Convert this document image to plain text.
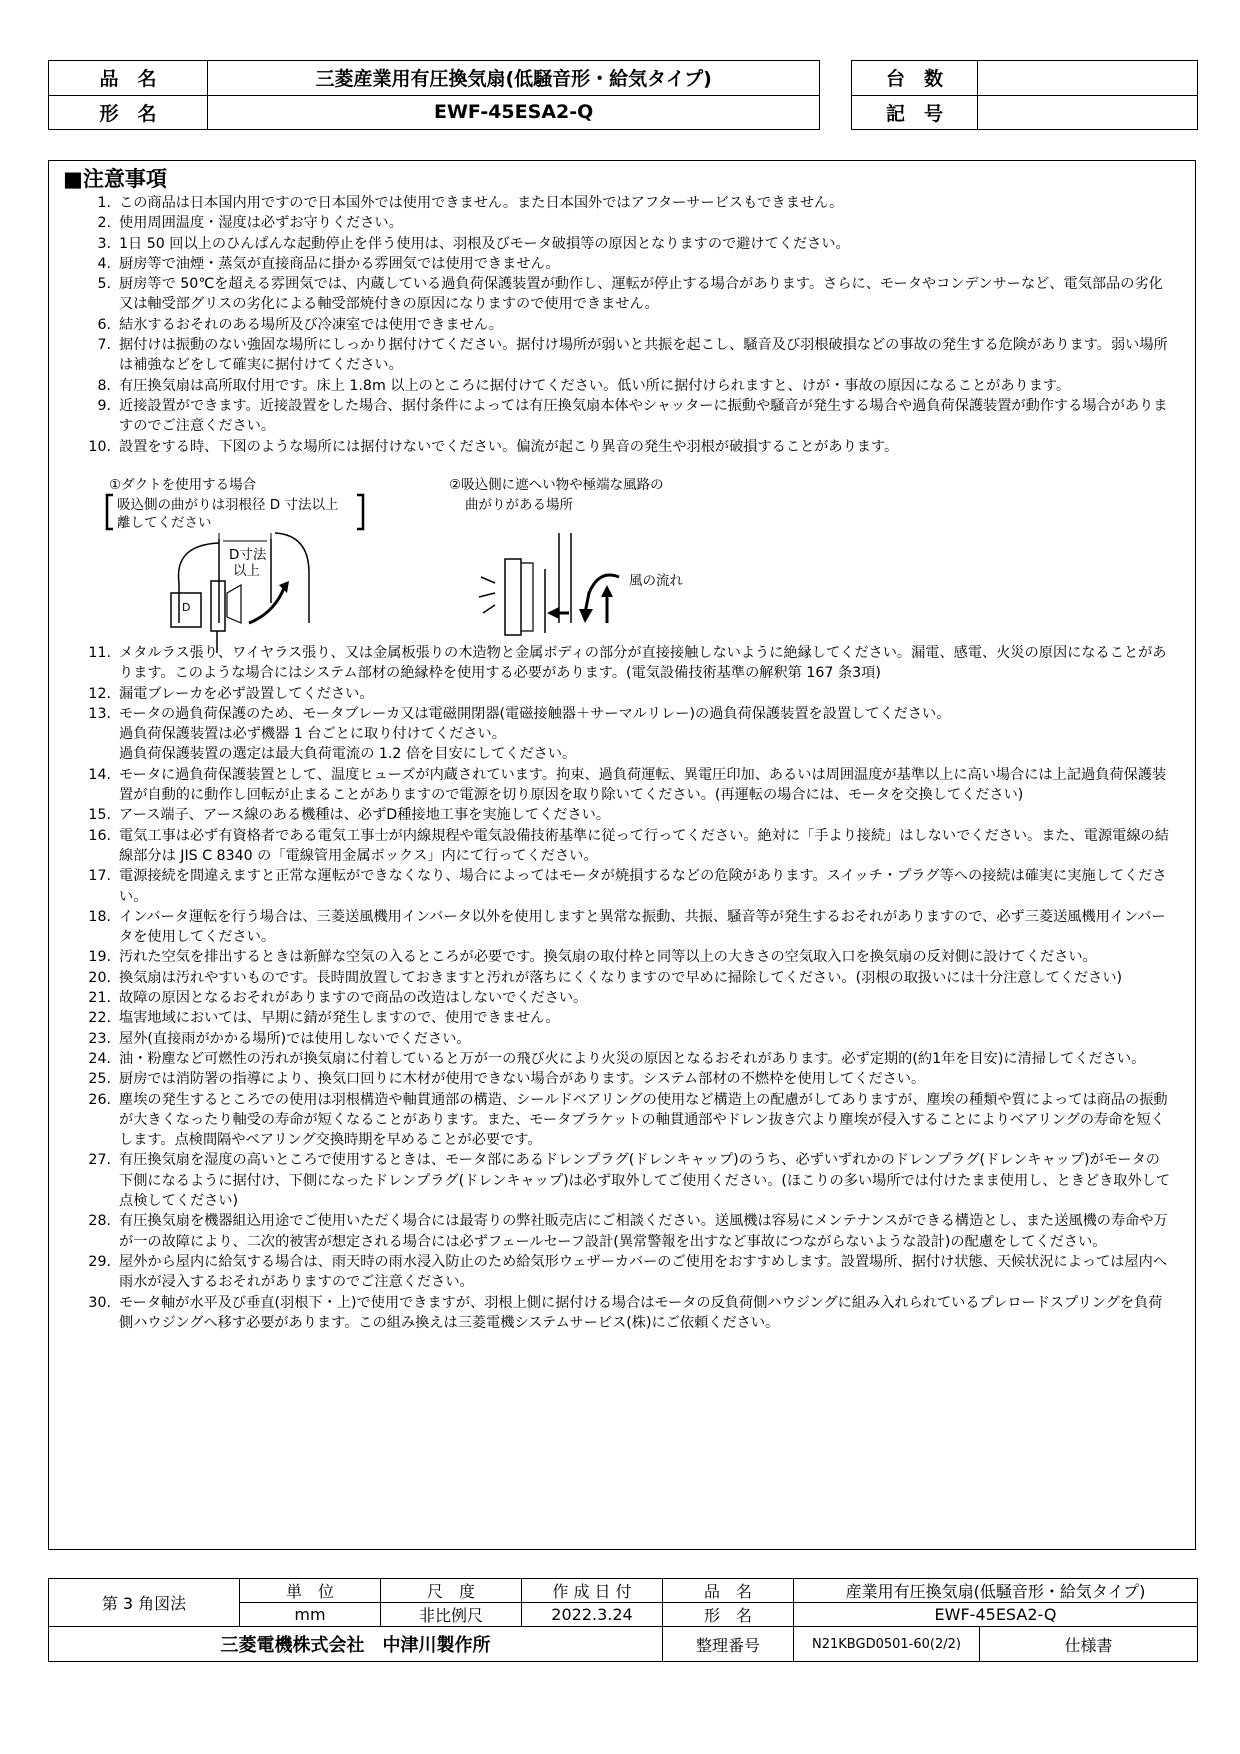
品　名	三菱産業用有圧換気扇(低騒音形・給気タイプ)		台　数	
形　名	EWF-45ESA2-Q		記　号	
■注意事項
1. この商品は日本国内用ですので日本国外では使用できません。また日本国外ではアフターサービスもできません。
2. 使用周囲温度・湿度は必ずお守りください。
3. 1日 50 回以上のひんぱんな起動停止を伴う使用は、羽根及びモータ破損等の原因となりますので避けてください。
4. 厨房等で油煙・蒸気が直接商品に掛かる雰囲気では使用できません。
5. 厨房等で 50℃を超える雰囲気では、内蔵している過負荷保護装置が動作し、運転が停止する場合があります。さらに、モータやコンデンサーなど、電気部品の劣化又は軸受部グリスの劣化による軸受部焼付きの原因になりますので使用できません。
6. 結氷するおそれのある場所及び冷凍室では使用できません。
7. 据付けは振動のない強固な場所にしっかり据付けてください。据付け場所が弱いと共振を起こし、騒音及び羽根破損などの事故の発生する危険があります。弱い場所は補強などをして確実に据付けてください。
8. 有圧換気扇は高所取付用です。床上 1.8m 以上のところに据付けてください。低い所に据付けられますと、けが・事故の原因になることがあります。
9. 近接設置ができます。近接設置をした場合、据付条件によっては有圧換気扇本体やシャッターに振動や騒音が発生する場合や過負荷保護装置が動作する場合がありますのでご注意ください。
10. 設置をする時、下図のような場所には据付けないでください。偏流が起こり異音の発生や羽根が破損することがあります。
11. メタルラス張り、ワイヤラス張り、又は金属板張りの木造物と金属ボディの部分が直接接触しないように絶縁してください。漏電、感電、火災の原因になることがあります。このような場合にはシステム部材の絶縁枠を使用する必要があります。(電気設備技術基準の解釈第 167 条3項)
12. 漏電ブレーカを必ず設置してください。
13. モータの過負荷保護のため、モータブレーカ又は電磁開閉器(電磁接触器＋サーマルリレー)の過負荷保護装置を設置してください。
過負荷保護装置は必ず機器 1 台ごとに取り付けてください。
過負荷保護装置の選定は最大負荷電流の 1.2 倍を目安にしてください。
14. モータに過負荷保護装置として、温度ヒューズが内蔵されています。拘束、過負荷運転、異電圧印加、あるいは周囲温度が基準以上に高い場合には上記過負荷保護装置が自動的に動作し回転が止まることがありますので電源を切り原因を取り除いてください。(再運転の場合には、モータを交換してください)
15. アース端子、アース線のある機種は、必ずD種接地工事を実施してください。
16. 電気工事は必ず有資格者である電気工事士が内線規程や電気設備技術基準に従って行ってください。絶対に「手より接続」はしないでください。また、電源電線の結線部分は JIS C 8340 の「電線管用金属ボックス」内にて行ってください。
17. 電源接続を間違えますと正常な運転ができなくなり、場合によってはモータが焼損するなどの危険があります。スイッチ・プラグ等への接続は確実に実施してください。
18. インバータ運転を行う場合は、三菱送風機用インバータ以外を使用しますと異常な振動、共振、騒音等が発生するおそれがありますので、必ず三菱送風機用インバータを使用してください。
19. 汚れた空気を排出するときは新鮮な空気の入るところが必要です。換気扇の取付枠と同等以上の大きさの空気取入口を換気扇の反対側に設けてください。
20. 換気扇は汚れやすいものです。長時間放置しておきますと汚れが落ちにくくなりますので早めに掃除してください。(羽根の取扱いには十分注意してください)
21. 故障の原因となるおそれがありますので商品の改造はしないでください。
22. 塩害地域においては、早期に錆が発生しますので、使用できません。
23. 屋外(直接雨がかかる場所)では使用しないでください。
24. 油・粉塵など可燃性の汚れが換気扇に付着していると万が一の飛び火により火災の原因となるおそれがあります。必ず定期的(約1年を目安)に清掃してください。
25. 厨房では消防署の指導により、換気口回りに木材が使用できない場合があります。システム部材の不燃枠を使用してください。
26. 塵埃の発生するところでの使用は羽根構造や軸貫通部の構造、シールドベアリングの使用など構造上の配慮がしてありますが、塵埃の種類や質によっては商品の振動が大きくなったり軸受の寿命が短くなることがあります。また、モータブラケットの軸貫通部やドレン抜き穴より塵埃が侵入することによりベアリングの寿命を短くします。点検間隔やベアリング交換時期を早めることが必要です。
27. 有圧換気扇を湿度の高いところで使用するときは、モータ部にあるドレンプラグ(ドレンキャップ)のうち、必ずいずれかのドレンプラグ(ドレンキャップ)がモータの下側になるように据付け、下側になったドレンプラグ(ドレンキャップ)は必ず取外してご使用ください。(ほこりの多い場所では付けたまま使用し、ときどき取外して点検してください)
28. 有圧換気扇を機器組込用途でご使用いただく場合には最寄りの弊社販売店にご相談ください。送風機は容易にメンテナンスができる構造とし、また送風機の寿命や万が一の故障により、二次的被害が想定される場合には必ずフェールセーフ設計(異常警報を出すなど事故につながらないような設計)の配慮をしてください。
29. 屋外から屋内に給気する場合は、雨天時の雨水浸入防止のため給気形ウェザーカバーのご使用をおすすめします。設置場所、据付け状態、天候状況によっては屋内へ雨水が浸入するおそれがありますのでご注意ください。
30. モータ軸が水平及び垂直(羽根下・上)で使用できますが、羽根上側に据付ける場合はモータの反負荷側ハウジングに組み入れられているプレロードスプリングを負荷側ハウジングへ移す必要があります。この組み換えは三菱電機システムサービス(株)にご依頼ください。
①ダクトを使用する場合
吸込側の曲がりは羽根径 D 寸法以上
離してください
D寸法
以上
D
②吸込側に遮へい物や極端な風路の
曲がりがある場所
風の流れ
第 3 角図法	単　位	尺　度	作 成 日 付	品　名	産業用有圧換気扇(低騒音形・給気タイプ)	
	mm	非比例尺	2022.3.24	形　名	EWF-45ESA2-Q	
三菱電機株式会社　中津川製作所				整理番号	N21KBGD0501-60(2/2)	仕様書
